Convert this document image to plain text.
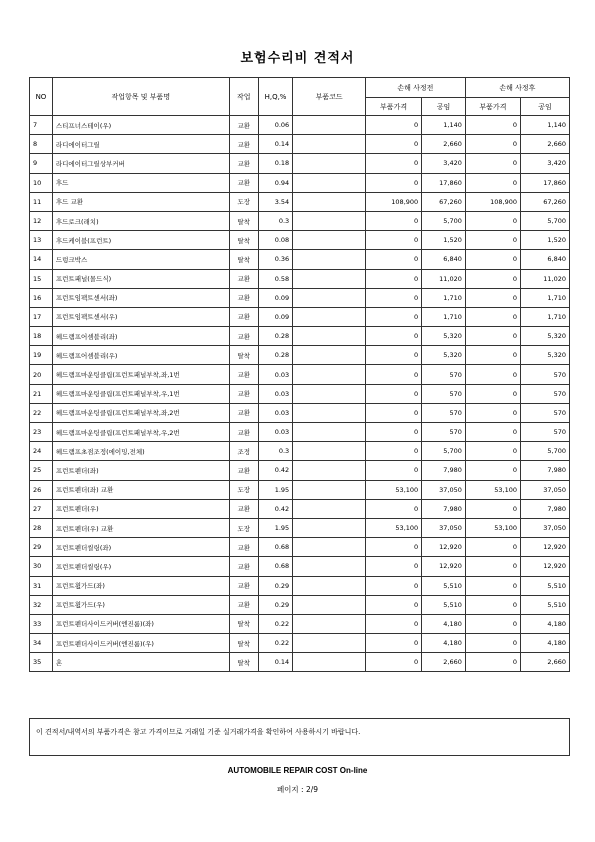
보험수리비 견적서
NO	작업항목 및 부품명	작업	H,Q,%	부품코드	손해 사정전		손해 사정후	
					부품가격	공임	부품가격	공임
7	스티프너스테이(우)	교환	0.06		0	1,140	0	1,140
8	라디에이터그릴	교환	0.14		0	2,660	0	2,660
9	라디에이터그릴상부커버	교환	0.18		0	3,420	0	3,420
10	후드	교환	0.94		0	17,860	0	17,860
11	후드 교환	도장	3.54		108,900	67,260	108,900	67,260
12	후드로크(래치)	탈착	0.3		0	5,700	0	5,700
13	후드케이블(프런트)	탈착	0.08		0	1,520	0	1,520
14	드렁크박스	탈착	0.36		0	6,840	0	6,840
15	프런트패널(몰드식)	교환	0.58		0	11,020	0	11,020
16	프런트임팩트센서(좌)	교환	0.09		0	1,710	0	1,710
17	프런트임팩트센서(우)	교환	0.09		0	1,710	0	1,710
18	헤드램프어셈블리(좌)	교환	0.28		0	5,320	0	5,320
19	헤드램프어셈블리(우)	탈착	0.28		0	5,320	0	5,320
20	헤드램프마운팅클립(프런트패널부착,좌,1번	교환	0.03		0	570	0	570
21	헤드램프마운팅클립(프런트패널부착,우,1번	교환	0.03		0	570	0	570
22	헤드램프마운팅클립(프런트패널부착,좌,2번	교환	0.03		0	570	0	570
23	헤드램프마운팅클립(프런트패널부착,우,2번	교환	0.03		0	570	0	570
24	헤드램프초점조정(에이밍,전체)	조정	0.3		0	5,700	0	5,700
25	프런트펜더(좌)	교환	0.42		0	7,980	0	7,980
26	프런트펜더(좌) 교환	도장	1.95		53,100	37,050	53,100	37,050
27	프런트펜더(우)	교환	0.42		0	7,980	0	7,980
28	프런트펜더(우) 교환	도장	1.95		53,100	37,050	53,100	37,050
29	프런트펜더씰링(좌)	교환	0.68		0	12,920	0	12,920
30	프런트펜더씰링(우)	교환	0.68		0	12,920	0	12,920
31	프런트휠가드(좌)	교환	0.29		0	5,510	0	5,510
32	프런트휠가드(우)	교환	0.29		0	5,510	0	5,510
33	프런트펜더사이드커버(엔진룸)(좌)	탈착	0.22		0	4,180	0	4,180
34	프런트펜더사이드커버(엔진룸)(우)	탈착	0.22		0	4,180	0	4,180
35	혼	탈착	0.14		0	2,660	0	2,660
이 견적서/내역서의 부품가격은 참고 가격이므로 거래일 기준 실거래가격을 확인하여 사용하시기 바랍니다.
AUTOMOBILE REPAIR COST On-line
페이지 : 2/9
